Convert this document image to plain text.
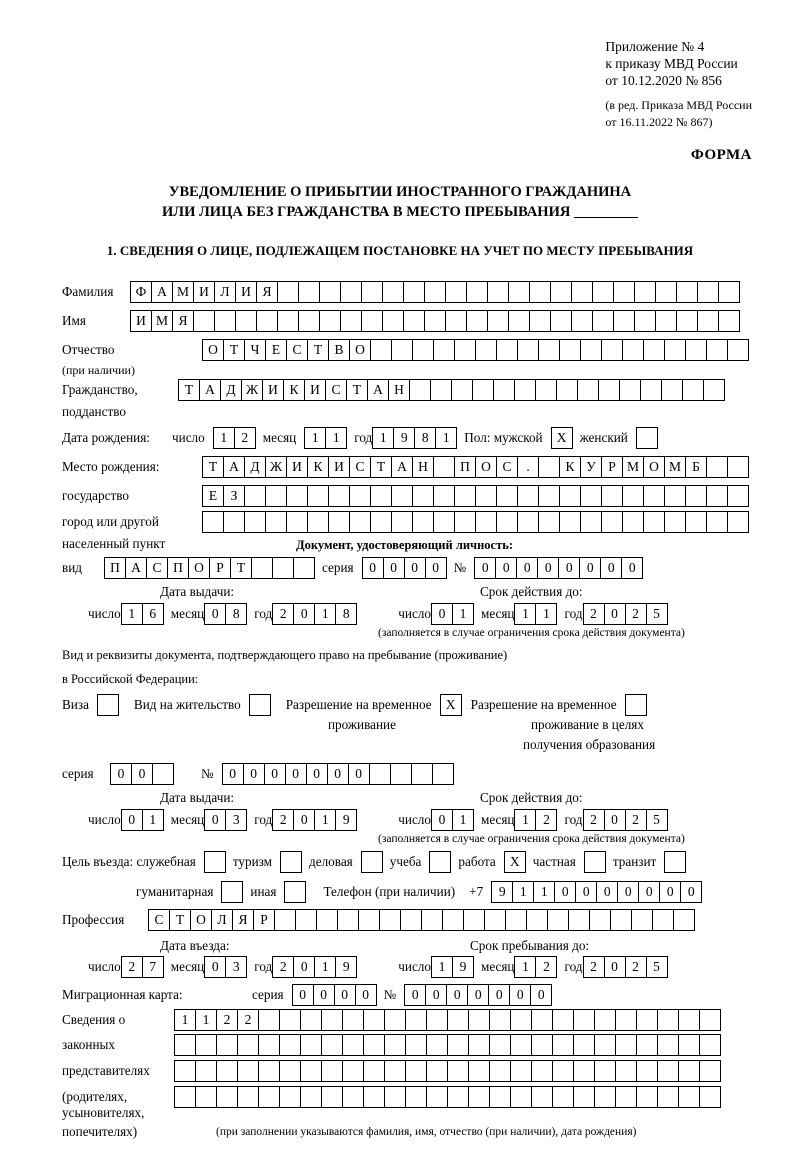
Приложение № 4
к приказу МВД России
от 10.12.2020 № 856
(в ред. Приказа МВД России
от 16.11.2022 № 867)
ФОРМА
УВЕДОМЛЕНИЕ О ПРИБЫТИИ ИНОСТРАННОГО ГРАЖДАНИНА
ИЛИ ЛИЦА БЕЗ ГРАЖДАНСТВА В МЕСТО ПРЕБЫВАНИЯ
1. СВЕДЕНИЯ О ЛИЦЕ, ПОДЛЕЖАЩЕМ ПОСТАНОВКЕ НА УЧЕТ ПО МЕСТУ ПРЕБЫВАНИЯ
Фамилия	Ф А М И Л И Я
Имя	И М Я
Отчество	О Т Ч Е С Т В О
(при наличии)
Гражданство,	Т А Д Ж И К И С Т А Н
подданство
Дата рождения:	число	1	2	месяц	1	1	год 1	9	8	1	Пол: мужской	X женский
Место рождения:	Т А Д Ж И К И С Т А Н	П О С	.	К У Р М О М Б
государство	Е З
город или другой
населенный пункт	Документ, удостоверяющий личность:
вид	П А С П О Р Т	серия	0	0	0	0	№	0	0	0	0	0	0	0	0
Дата выдачи:	Срок действия до:
число 1	6	месяц 0	8	год 2	0	1	8	число 0	1	месяц 1	1	год 2	0	2	5
(заполняется в случае ограничения срока действия документа)
Вид и реквизиты документа, подтверждающего право на пребывание (проживание)
в Российской Федерации:
Виза	Вид на жительство	Разрешение на временное	X	Разрешение на временное
проживание	проживание в целях
получения образования
серия	0	0	№	0	0	0	0	0	0	0
Дата выдачи:	Срок действия до:
число 0	1	месяц 0	3	год 2	0	1	9	число 0	1	месяц 1	2	год 2	0	2	5
(заполняется в случае ограничения срока действия документа)
Цель въезда: служебная	туризм	деловая	учеба	работа	X частная	транзит
гуманитарная	иная	Телефон (при наличии) +7	9	1	1	0	0	0	0	0	0	0
Профессия	С Т О Л Я Р
Дата въезда:	Срок пребывания до:
число 2	7	месяц 0	3	год 2	0	1	9	число 1	9	месяц 1	2	год 2	0	2	5
Миграционная карта:	серия	0	0	0	0	№	0	0	0	0	0	0	0
Сведения о	1	1	2	2
законных
представителях
(родителях,
усыновителях,
попечителях)	(при заполнении указываются фамилия, имя, отчество (при наличии), дата рождения)
